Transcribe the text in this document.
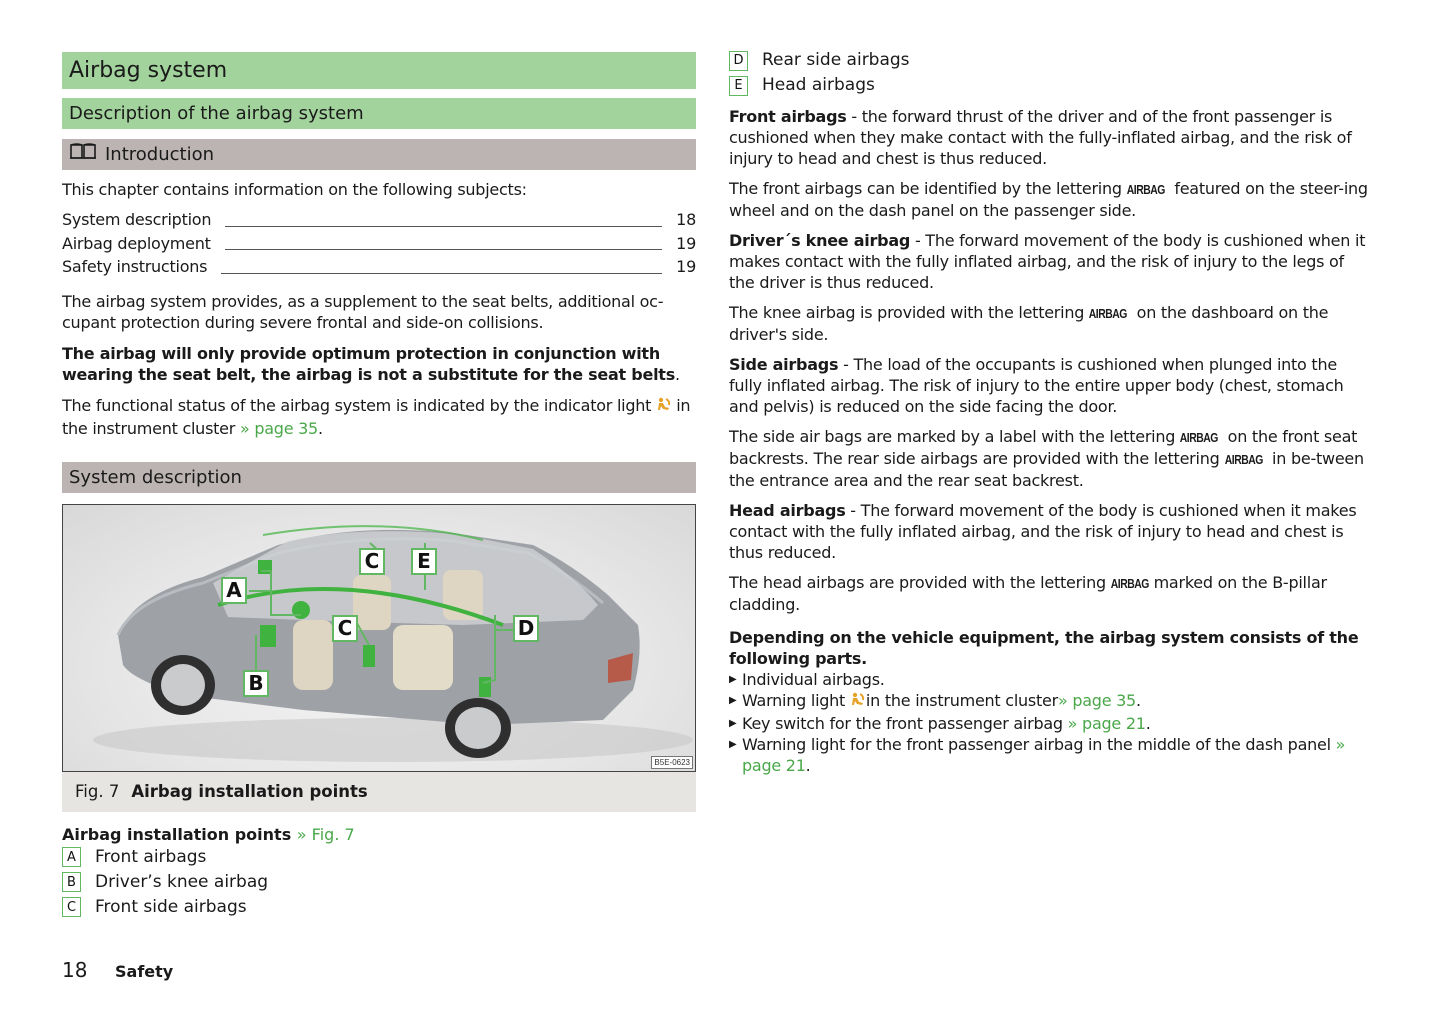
Airbag system
Description of the airbag system
Introduction
This chapter contains information on the following subjects:
System description	18
Airbag deployment	19
Safety instructions	19
The airbag system provides, as a supplement to the seat belts, additional oc-cupant protection during severe frontal and side-on collisions.
The airbag will only provide optimum protection in conjunction with wearing the seat belt, the airbag is not a substitute for the seat belts.
The functional status of the airbag system is indicated by the indicator light in the instrument cluster » page 35.
System description
A
B
C
C	D
E
B5E-0623
Fig. 7 Airbag installation points
Airbag installation points » Fig. 7
A Front airbags
B Driver’s knee airbag
C Front side airbags
D Rear side airbags
E	Head airbags
Front airbags - the forward thrust of the driver and of the front passenger is cushioned when they make contact with the fully-inflated airbag, and the risk of injury to head and chest is thus reduced.
The front airbags can be identified by the lettering AIRBAG featured on the steer-ing wheel and on the dash panel on the passenger side.
Driver´s knee airbag - The forward movement of the body is cushioned when it makes contact with the fully inflated airbag, and the risk of injury to the legs of the driver is thus reduced.
The knee airbag is provided with the lettering AIRBAG on the dashboard on the driver's side.
Side airbags - The load of the occupants is cushioned when plunged into the fully inflated airbag. The risk of injury to the entire upper body (chest, stomach and pelvis) is reduced on the side facing the door.
The side air bags are marked by a label with the lettering AIRBAG on the front seat backrests. The rear side airbags are provided with the lettering AIRBAG in be-tween the entrance area and the rear seat backrest.
Head airbags - The forward movement of the body is cushioned when it makes contact with the fully inflated airbag, and the risk of injury to head and chest is thus reduced.
The head airbags are provided with the lettering AIRBAG marked on the B-pillar cladding.
Depending on the vehicle equipment, the airbag system consists of the following parts.
▶ Individual airbags.
▶ Warning light in the instrument cluster» page 35.
▶ Key switch for the front passenger airbag » page 21.
▶ Warning light for the front passenger airbag in the middle of the dash panel » page 21.
18	Safety
